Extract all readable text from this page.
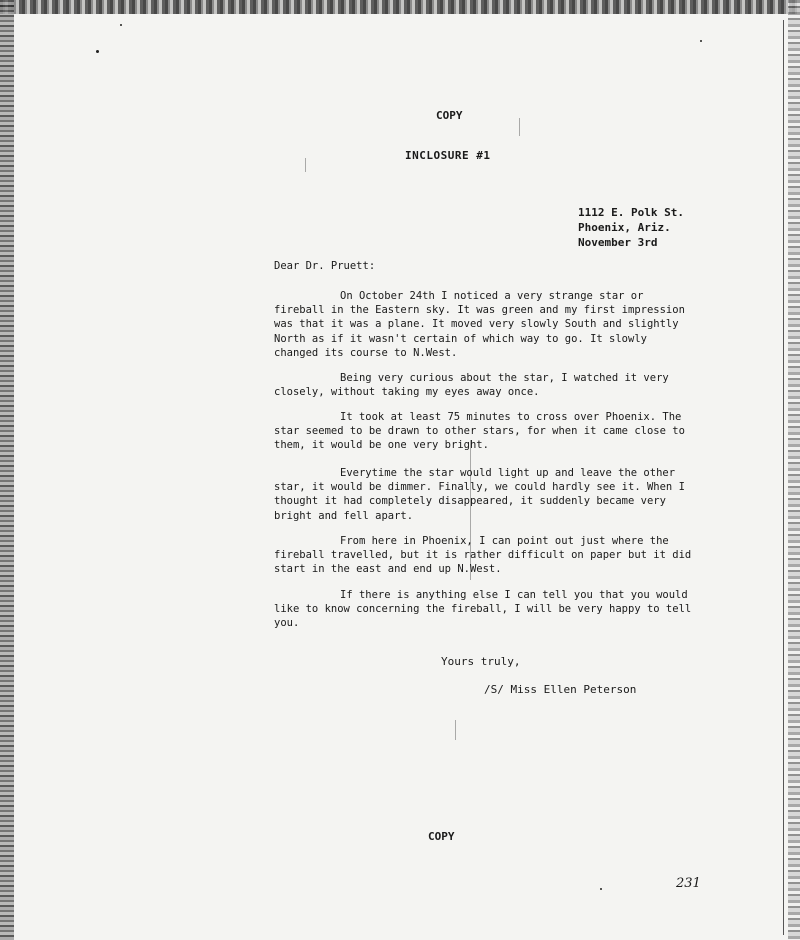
COPY
INCLOSURE #1
1112 E. Polk St.
Phoenix, Ariz.
November 3rd
Dear Dr. Pruett:

On October 24th I noticed a very strange star or fireball in the Eastern sky. It was green and my first impression was that it was a plane. It moved very slowly South and slightly North as if it wasn't certain of which way to go. It slowly changed its course to N.West.

Being very curious about the star, I watched it very closely, without taking my eyes away once.

It took at least 75 minutes to cross over Phoenix. The star seemed to be drawn to other stars, for when it came close to them, it would be one very bright.

Everytime the star would light up and leave the other star, it would be dimmer. Finally, we could hardly see it. When I thought it had completely disappeared, it suddenly became very bright and fell apart.

From here in Phoenix, I can point out just where the fireball travelled, but it is rather difficult on paper but it did start in the east and end up N.West.

If there is anything else I can tell you that you would like to know concerning the fireball, I will be very happy to tell you.

Yours truly,
/S/ Miss Ellen Peterson
COPY
231
